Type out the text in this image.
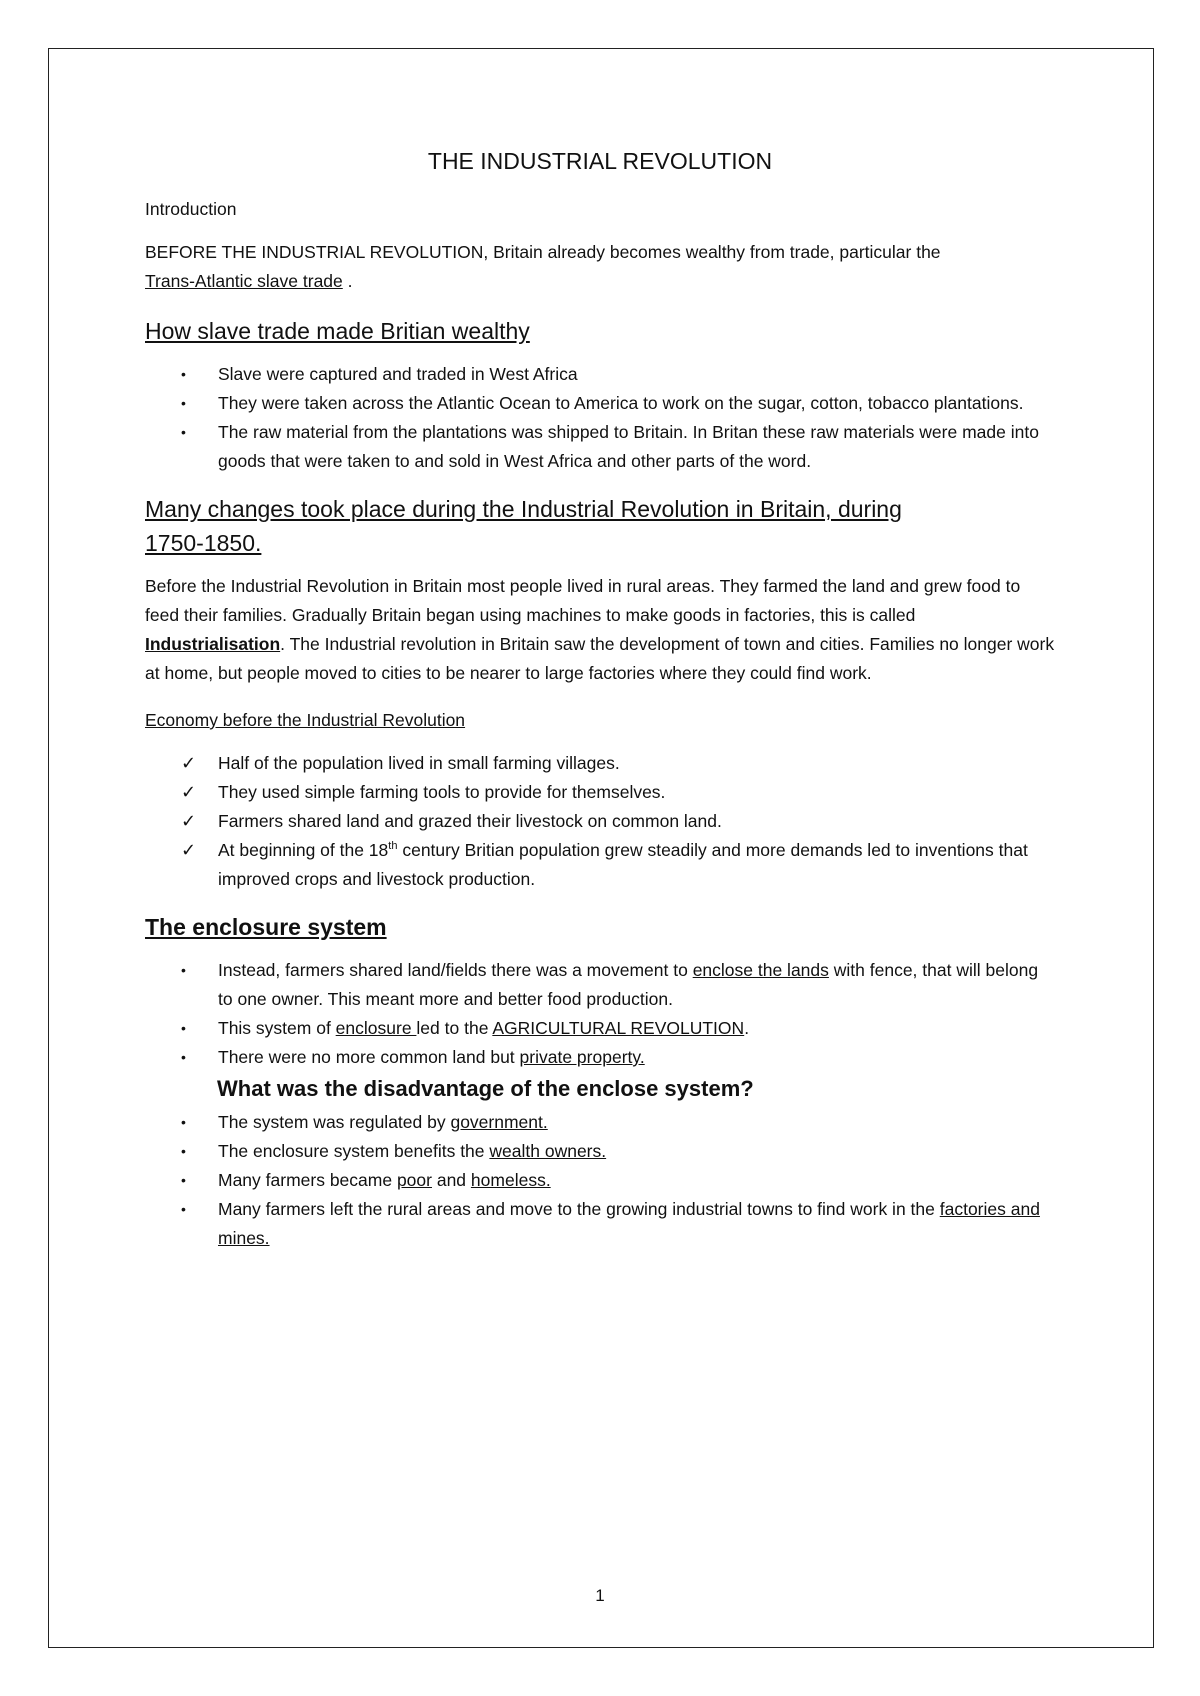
THE INDUSTRIAL REVOLUTION

Introduction

BEFORE THE INDUSTRIAL REVOLUTION, Britain already becomes wealthy from trade, particular the
Trans-Atlantic slave trade .

How slave trade made Britian wealthy
•	Slave were captured and traded in West Africa
•	They were taken across the Atlantic Ocean to America to work on the sugar, cotton, tobacco plantations.
•	The raw material from the plantations was shipped to Britain. In Britan these raw materials were made into goods that were taken to and sold in West Africa and other parts of the word.
Many changes took place during the Industrial Revolution in Britain, during 1750-1850.

Before the Industrial Revolution in Britain most people lived in rural areas. They farmed the land and grew food to feed their families. Gradually Britain began using machines to make goods in factories, this is called Industrialisation. The Industrial revolution in Britain saw the development of town and cities. Families no longer work at home, but people moved to cities to be nearer to large factories where they could find work.

Economy before the Industrial Revolution

✓	Half of the population lived in small farming villages.
✓	They used simple farming tools to provide for themselves.
✓	Farmers shared land and grazed their livestock on common land.
✓	At beginning of the 18th century Britian population grew steadily and more demands led to inventions that improved crops and livestock production.
The enclosure system
•	Instead, farmers shared land/fields there was a movement to enclose the lands with fence, that will belong to one owner. This meant more and better food production.
•	This system of enclosure led to the AGRICULTURAL REVOLUTION.
•	There were no more common land but private property.
What was the disadvantage of the enclose system?
•	The system was regulated by government.
•	The enclosure system benefits the wealth owners.
•	Many farmers became poor and homeless.
•	Many farmers left the rural areas and move to the growing industrial towns to find work in the factories and mines.
1
